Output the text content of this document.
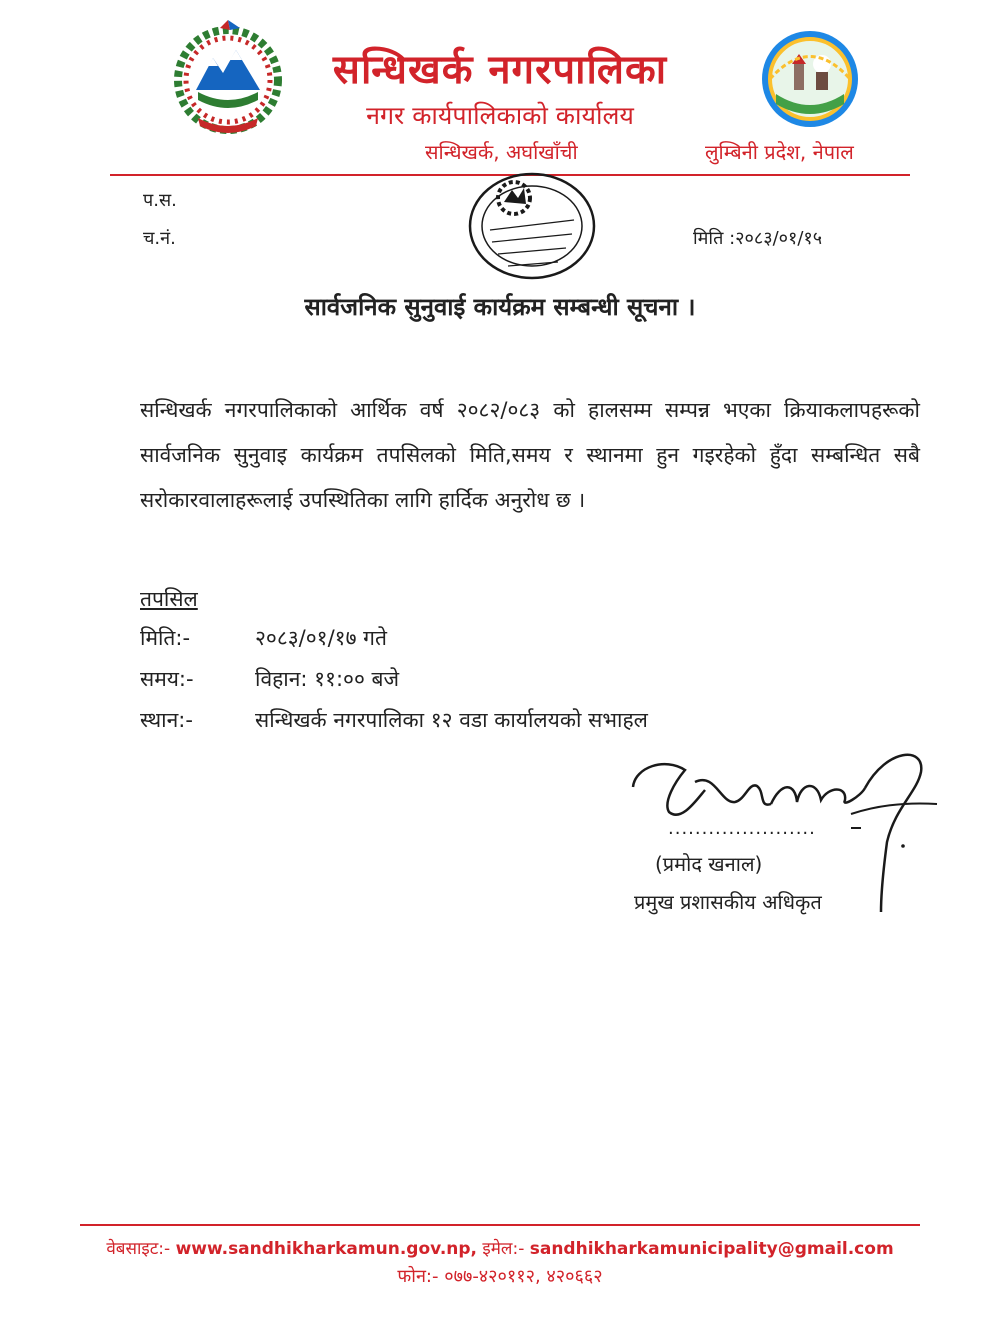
सन्धिखर्क नगरपालिका
नगर कार्यपालिकाको कार्यालय
सन्धिखर्क, अर्घाखाँची	लुम्बिनी प्रदेश, नेपाल
प.स.
च.नं.	मिति :२०८३/०१/१५
सार्वजनिक सुनुवाई कार्यक्रम सम्बन्धी सूचना ।
सन्धिखर्क नगरपालिकाको आर्थिक वर्ष २०८२/०८३ को हालसम्म सम्पन्न भएका क्रियाकलापहरूको सार्वजनिक सुनुवाइ कार्यक्रम तपसिलको मिति,समय र स्थानमा हुन गइरहेको हुँदा सम्बन्धित सबै सरोकारवालाहरूलाई उपस्थितिका लागि हार्दिक अनुरोध छ ।
तपसिल
मिति:-	२०८३/०१/१७ गते
समय:-	विहान: ११:०० बजे
स्थान:-	सन्धिखर्क नगरपालिका १२ वडा कार्यालयको सभाहल
......................
(प्रमोद खनाल)
प्रमुख प्रशासकीय अधिकृत
वेबसाइट:- www.sandhikharkamun.gov.np, इमेल:- sandhikharkamunicipality@gmail.com
फोन:- ०७७-४२०११२, ४२०६६२
